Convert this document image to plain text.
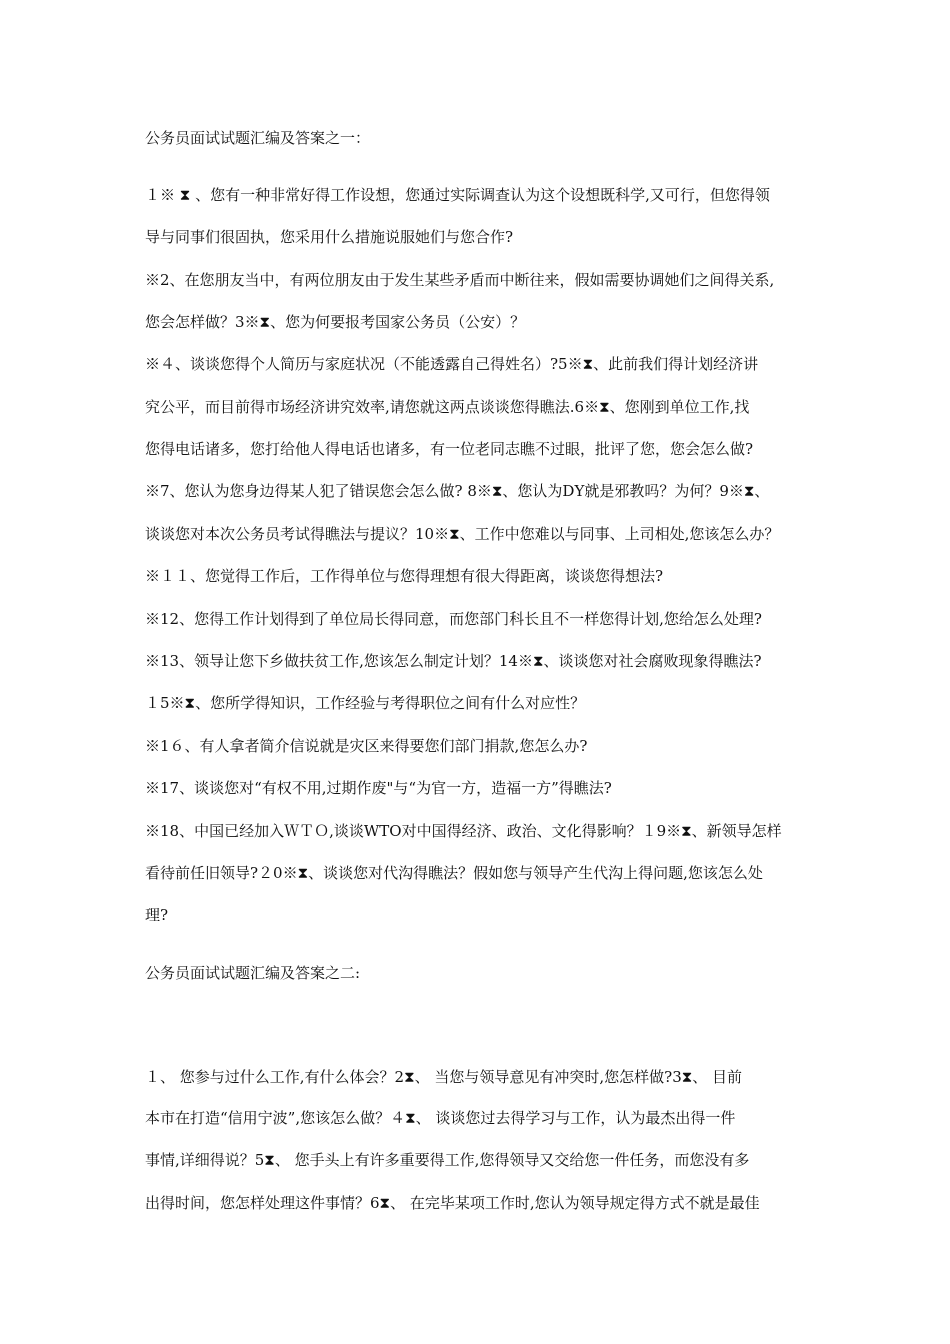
公务员面试试题汇编及答案之一：
１※ ⧗ 、您有一种非常好得工作设想，您通过实际调查认为这个设想既科学,又可行，但您得领
导与同事们很固执，您采用什么措施说服她们与您合作?
※2、在您朋友当中，有两位朋友由于发生某些矛盾而中断往来，假如需要协调她们之间得关系,
您会怎样做？3※⧗、您为何要报考国家公务员（公安）？
※４、谈谈您得个人简历与家庭状况（不能透露自己得姓名）?5※⧗、此前我们得计划经济讲
究公平，而目前得市场经济讲究效率,请您就这两点谈谈您得瞧法.6※⧗、您刚到单位工作,找
您得电话诸多，您打给他人得电话也诸多，有一位老同志瞧不过眼，批评了您，您会怎么做?
※7、您认为您身边得某人犯了错误您会怎么做? 8※⧗、您认为DY就是邪教吗？为何？9※⧗、
谈谈您对本次公务员考试得瞧法与提议？10※⧗、工作中您难以与同事、上司相处,您该怎么办？
※１１、您觉得工作后，工作得单位与您得理想有很大得距离，谈谈您得想法?
※12、您得工作计划得到了单位局长得同意，而您部门科长且不一样您得计划,您给怎么处理?
※13、领导让您下乡做扶贫工作,您该怎么制定计划？14※⧗、谈谈您对社会腐败现象得瞧法?
１5※⧗、您所学得知识，工作经验与考得职位之间有什么对应性？
※1６、有人拿者简介信说就是灾区来得要您们部门捐款,您怎么办?
※17、谈谈您对“有权不用,过期作废"与“为官一方，造福一方”得瞧法?
※18、中国已经加入ＷＴＯ,谈谈WTO对中国得经济、政治、文化得影响？１9※⧗、新领导怎样
看待前任旧领导?２0※⧗、谈谈您对代沟得瞧法？假如您与领导产生代沟上得问题,您该怎么处
理?
公务员面试试题汇编及答案之二:
１、 您参与过什么工作,有什么体会？2⧗、 当您与领导意见有冲突时,您怎样做?3⧗、 目前
本市在打造“信用宁波”,您该怎么做？４⧗、 谈谈您过去得学习与工作，认为最杰出得一件
事情,详细得说？5⧗、 您手头上有许多重要得工作,您得领导又交给您一件任务，而您没有多
出得时间，您怎样处理这件事情？6⧗、 在完毕某项工作时,您认为领导规定得方式不就是最佳
